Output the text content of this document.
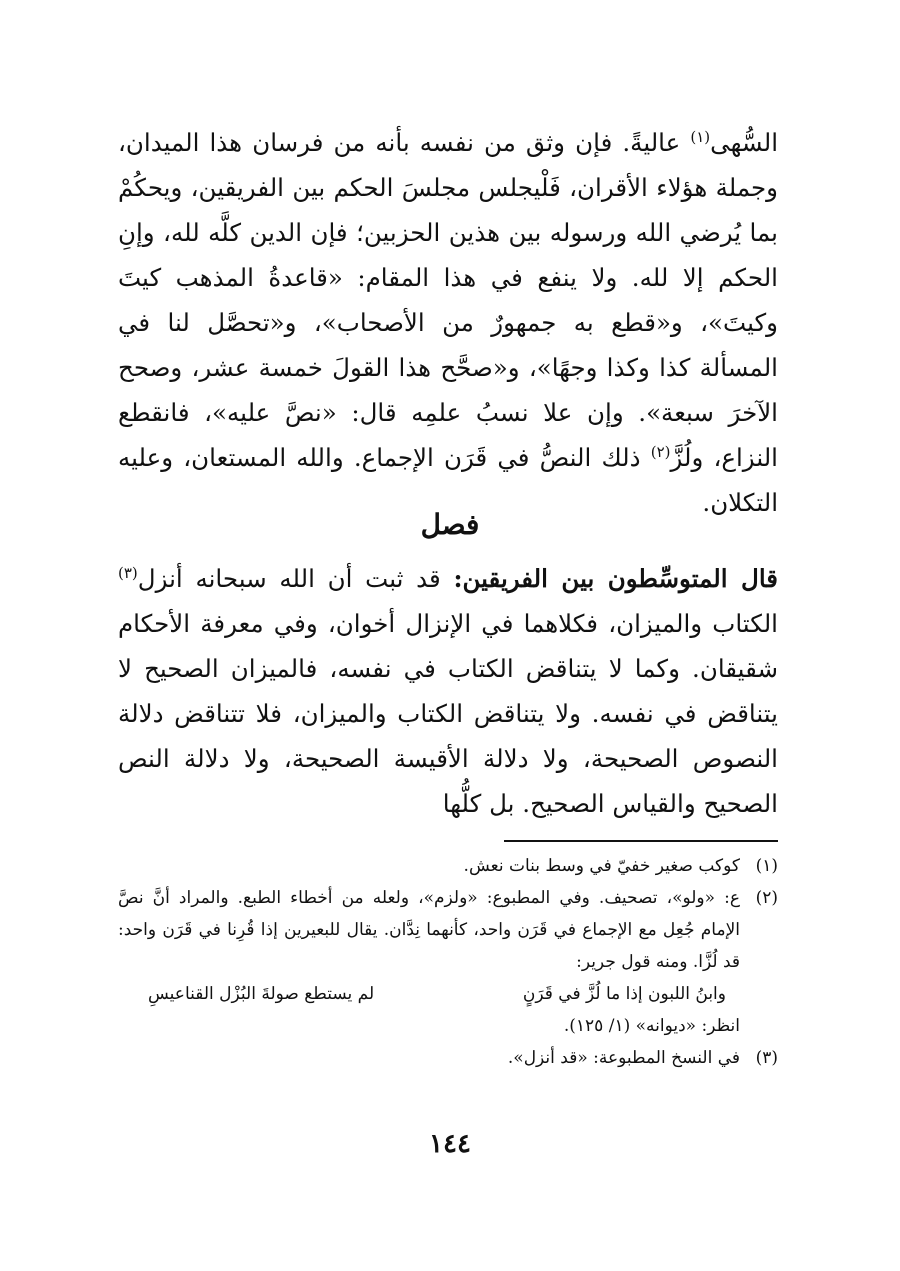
السُّهى$^{(١)}$ عاليةً. فإن وثق من نفسه بأنه من فرسان هذا الميدان، وجملة هؤلاء الأقران، فَلْيجلس مجلسَ الحكم بين الفريقين، ويحكُمْ بما يُرضي الله ورسوله بين هذين الحزبين؛ فإن الدين كلَّه لله، وإنِ الحكم إلا لله. ولا ينفع في هذا المقام: «قاعدةُ المذهب كيتَ وكيتَ»، و«قطع به جمهورٌ من الأصحاب»، و«تحصَّل لنا في المسألة كذا وكذا وجهًا»، و«صحَّح هذا القولَ خمسة عشر، وصحح الآخرَ سبعة». وإن علا نسبُ علمِه قال: «نصَّ عليه»، فانقطع النزاع، ولُزَّ$^{(٢)}$ ذلك النصُّ في قَرَن الإجماع. والله المستعان، وعليه التكلان.
فصل
قال المتوسِّطون بين الفريقين: قد ثبت أن الله سبحانه أنزل$^{(٣)}$ الكتاب والميزان، فكلاهما في الإنزال أخوان، وفي معرفة الأحكام شقيقان. وكما لا يتناقض الكتاب في نفسه، فالميزان الصحيح لا يتناقض في نفسه. ولا يتناقض الكتاب والميزان، فلا تتناقض دلالة النصوص الصحيحة، ولا دلالة الأقيسة الصحيحة، ولا دلالة النص الصحيح والقياس الصحيح. بل كلُّها
(١)
كوكب صغير خفيّ في وسط بنات نعش.
(٢)
ع: «ولو»، تصحيف. وفي المطبوع: «ولزم»، ولعله من أخطاء الطبع. والمراد أنَّ نصَّ الإمام جُعِل مع الإجماع في قَرَن واحد، كأنهما نِدَّان. يقال للبعيرين إذا قُرِنا في قَرَن واحد: قد لُزَّا. ومنه قول جرير:
وابنُ اللبون إذا ما لُزَّ في قَرَنٍ
لم يستطع صولةَ البُزْل القناعيسِ
انظر: «ديوانه» (١/ ١٢٥).
(٣)
في النسخ المطبوعة: «قد أنزل».
١٤٤
